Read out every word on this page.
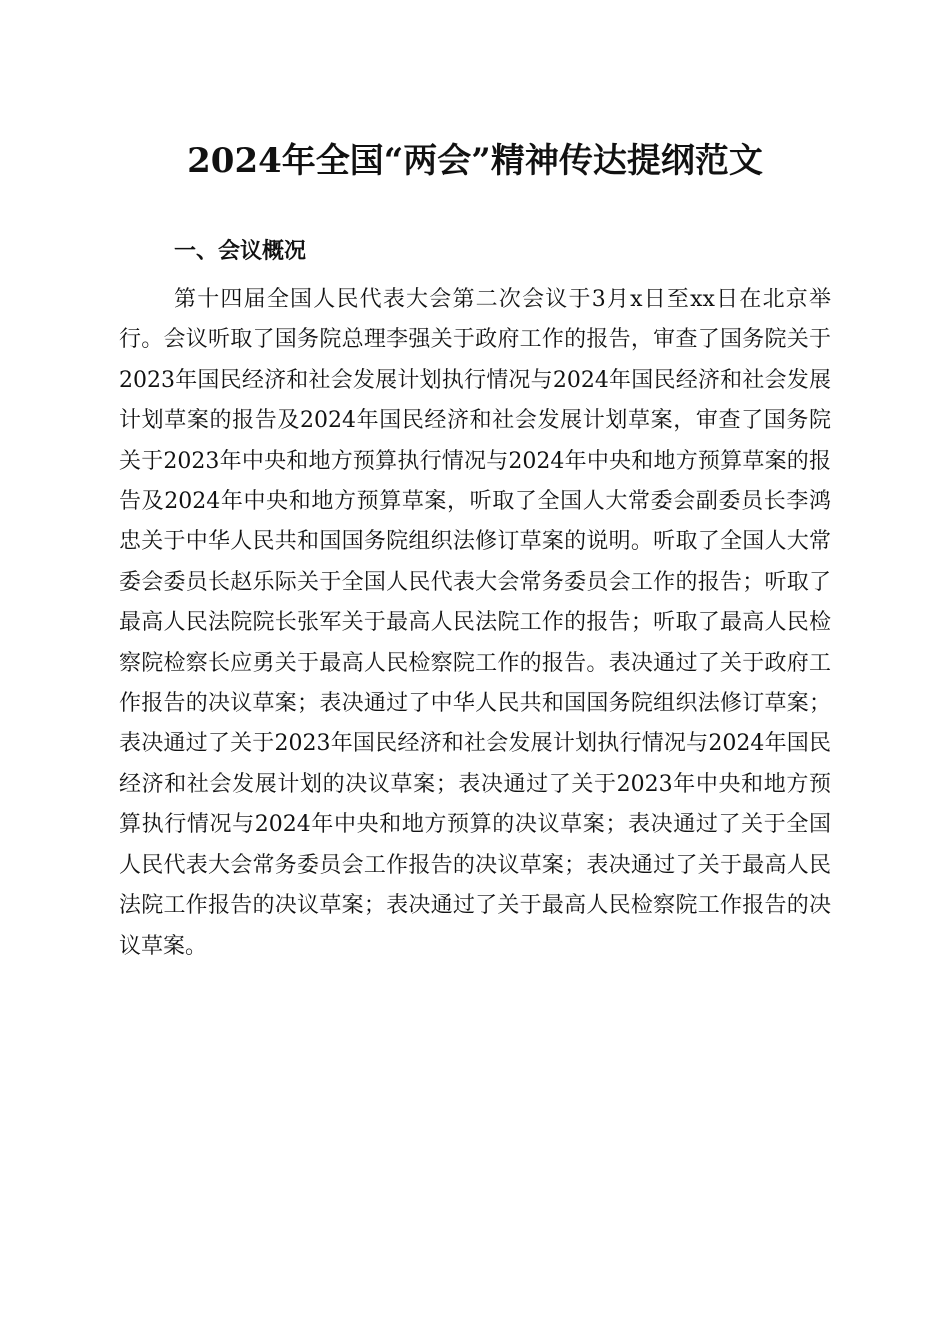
2024年全国“两会”精神传达提纲范文
一、会议概况

第十四届全国人民代表大会第二次会议于3月x日至xx日在北京举行。会议听取了国务院总理李强关于政府工作的报告，审查了国务院关于2023年国民经济和社会发展计划执行情况与2024年国民经济和社会发展计划草案的报告及2024年国民经济和社会发展计划草案，审查了国务院关于2023年中央和地方预算执行情况与2024年中央和地方预算草案的报告及2024年中央和地方预算草案，听取了全国人大常委会副委员长李鸿忠关于中华人民共和国国务院组织法修订草案的说明。听取了全国人大常委会委员长赵乐际关于全国人民代表大会常务委员会工作的报告；听取了最高人民法院院长张军关于最高人民法院工作的报告；听取了最高人民检察院检察长应勇关于最高人民检察院工作的报告。表决通过了关于政府工作报告的决议草案；表决通过了中华人民共和国国务院组织法修订草案；表决通过了关于2023年国民经济和社会发展计划执行情况与2024年国民经济和社会发展计划的决议草案；表决通过了关于2023年中央和地方预算执行情况与2024年中央和地方预算的决议草案；表决通过了关于全国人民代表大会常务委员会工作报告的决议草案；表决通过了关于最高人民法院工作报告的决议草案；表决通过了关于最高人民检察院工作报告的决议草案。
